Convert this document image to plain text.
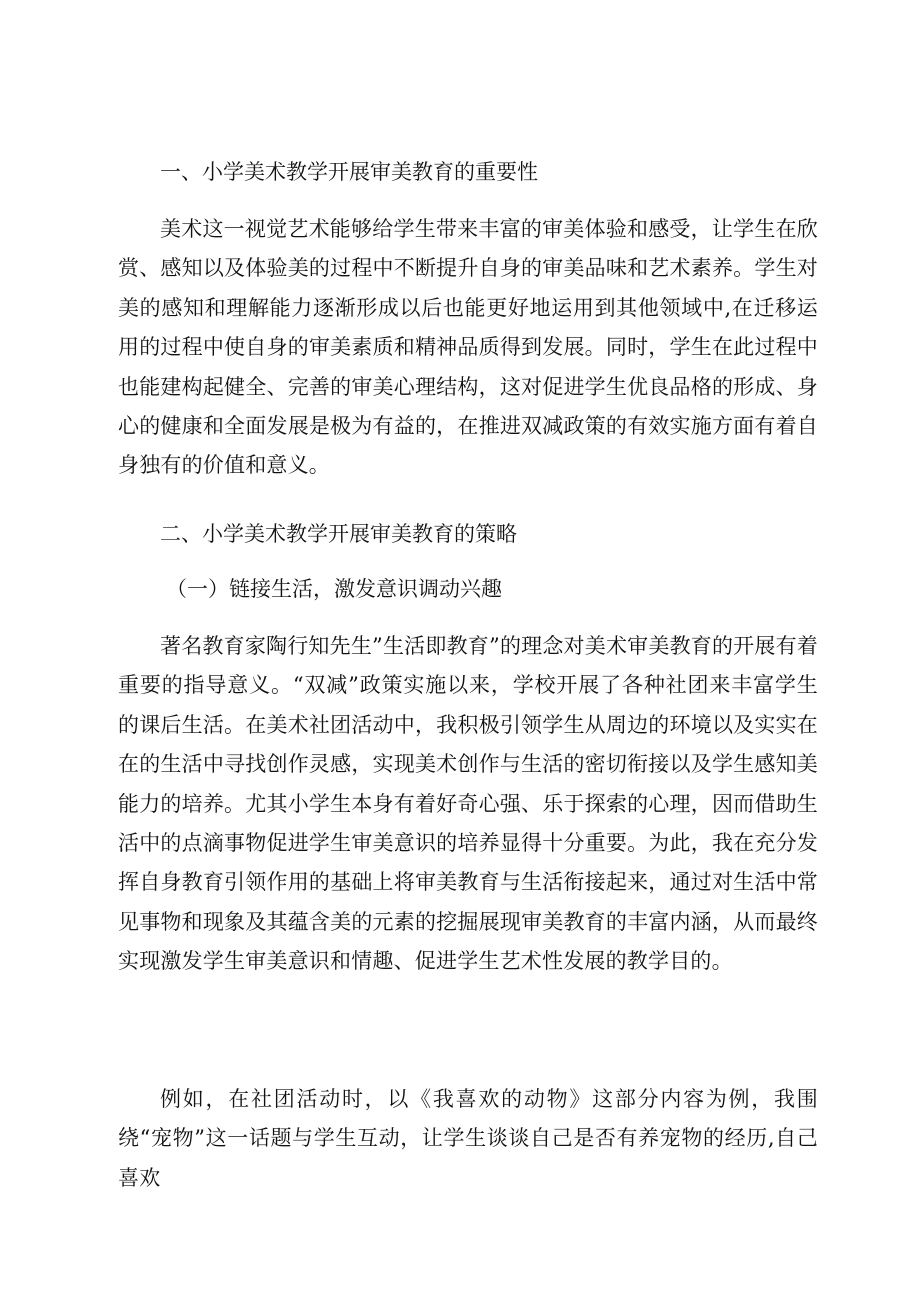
一、小学美术教学开展审美教育的重要性

美术这一视觉艺术能够给学生带来丰富的审美体验和感受，让学生在欣赏、感知以及体验美的过程中不断提升自身的审美品味和艺术素养。学生对美的感知和理解能力逐渐形成以后也能更好地运用到其他领域中,在迁移运用的过程中使自身的审美素质和精神品质得到发展。同时，学生在此过程中也能建构起健全、完善的审美心理结构，这对促进学生优良品格的形成、身心的健康和全面发展是极为有益的，在推进双减政策的有效实施方面有着自身独有的价值和意义。

二、小学美术教学开展审美教育的策略
（一）链接生活，激发意识调动兴趣

著名教育家陶行知先生”生活即教育”的理念对美术审美教育的开展有着重要的指导意义。“双减”政策实施以来，学校开展了各种社团来丰富学生的课后生活。在美术社团活动中，我积极引领学生从周边的环境以及实实在在的生活中寻找创作灵感，实现美术创作与生活的密切衔接以及学生感知美能力的培养。尤其小学生本身有着好奇心强、乐于探索的心理，因而借助生活中的点滴事物促进学生审美意识的培养显得十分重要。为此，我在充分发挥自身教育引领作用的基础上将审美教育与生活衔接起来，通过对生活中常见事物和现象及其蕴含美的元素的挖掘展现审美教育的丰富内涵，从而最终实现激发学生审美意识和情趣、促进学生艺术性发展的教学目的。

例如，在社团活动时，以《我喜欢的动物》这部分内容为例，我围绕“宠物”这一话题与学生互动，让学生谈谈自己是否有养宠物的经历,自己喜欢
